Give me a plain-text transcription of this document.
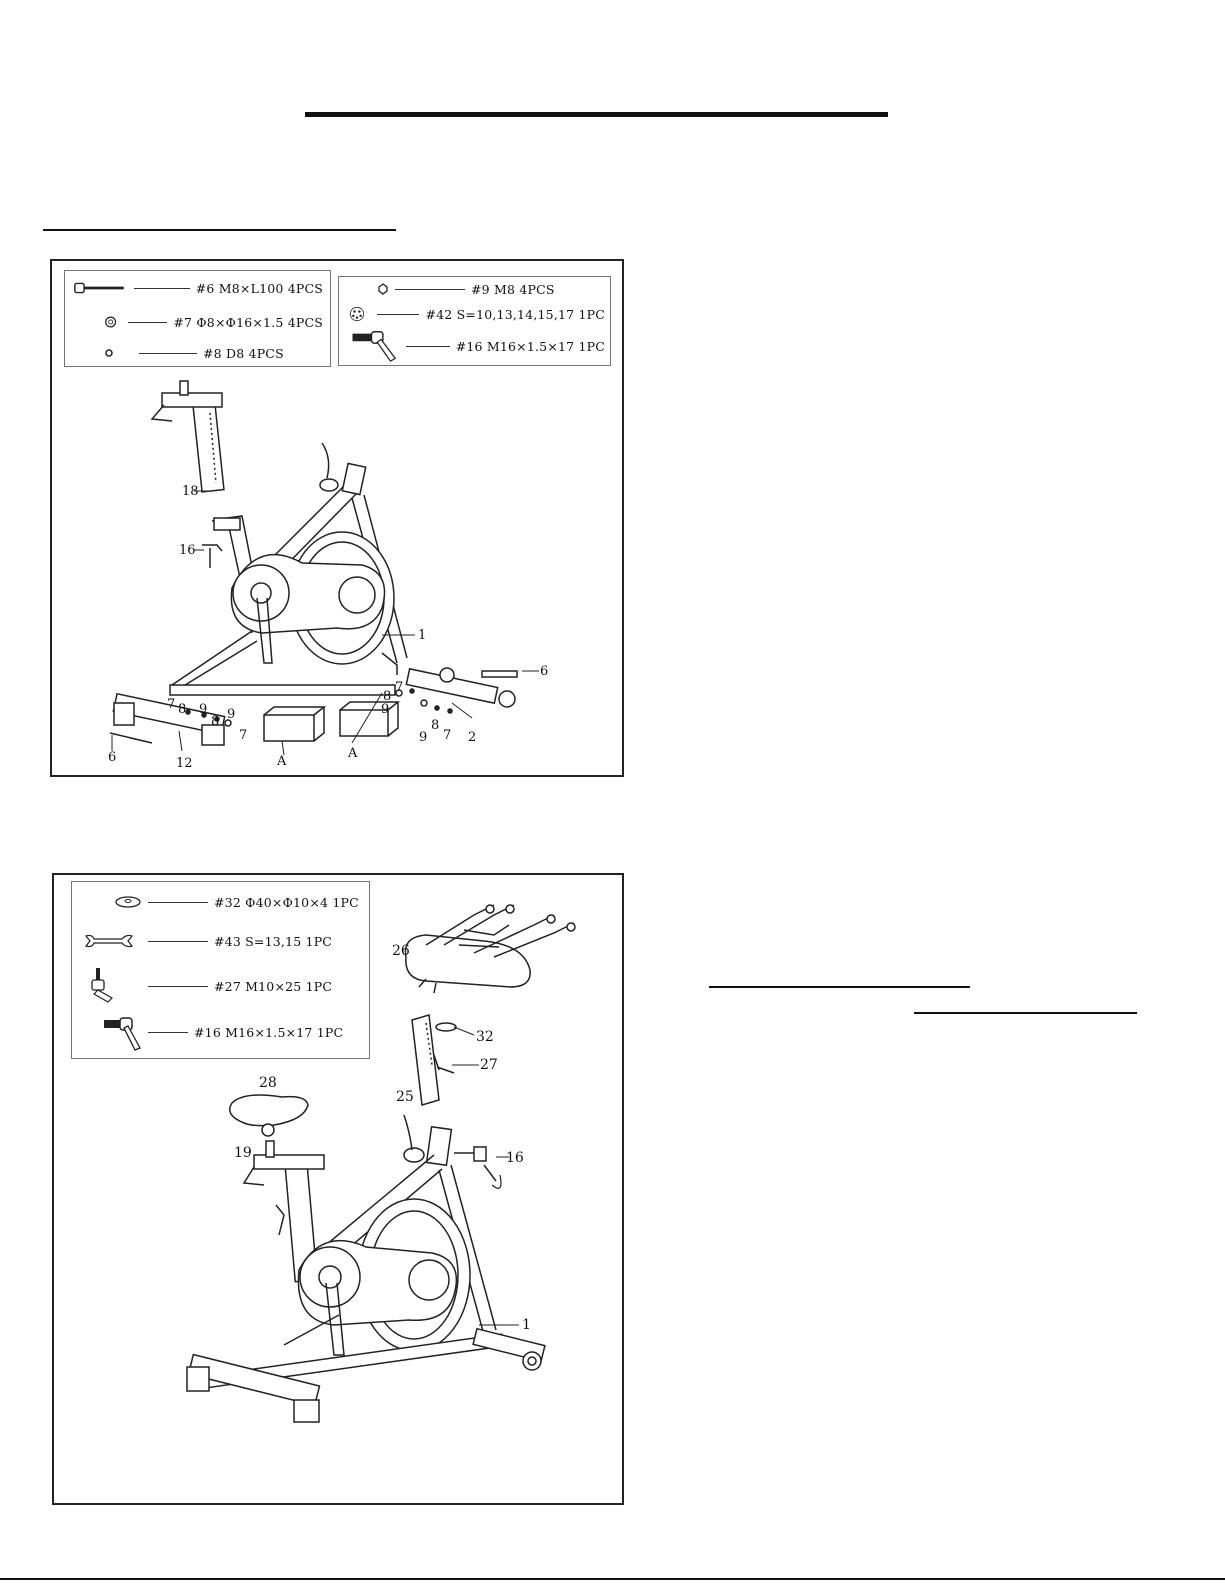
#6 M8×L100 4PCS
#7 Φ8×Φ16×1.5 4PCS
#8 D8 4PCS
#9 M8 4PCS
#42 S=10,13,14,15,17 1PC
#16 M16×1.5×17 1PC
18
16
1
6
6	12
2
A
A
7 8 9
8 9
7
7
8
9
9
8
7
#32 Φ40×Φ10×4 1PC
#43 S=13,15 1PC
#27 M10×25 1PC
#16 M16×1.5×17 1PC
26
32
27
25
28
19	16
1
